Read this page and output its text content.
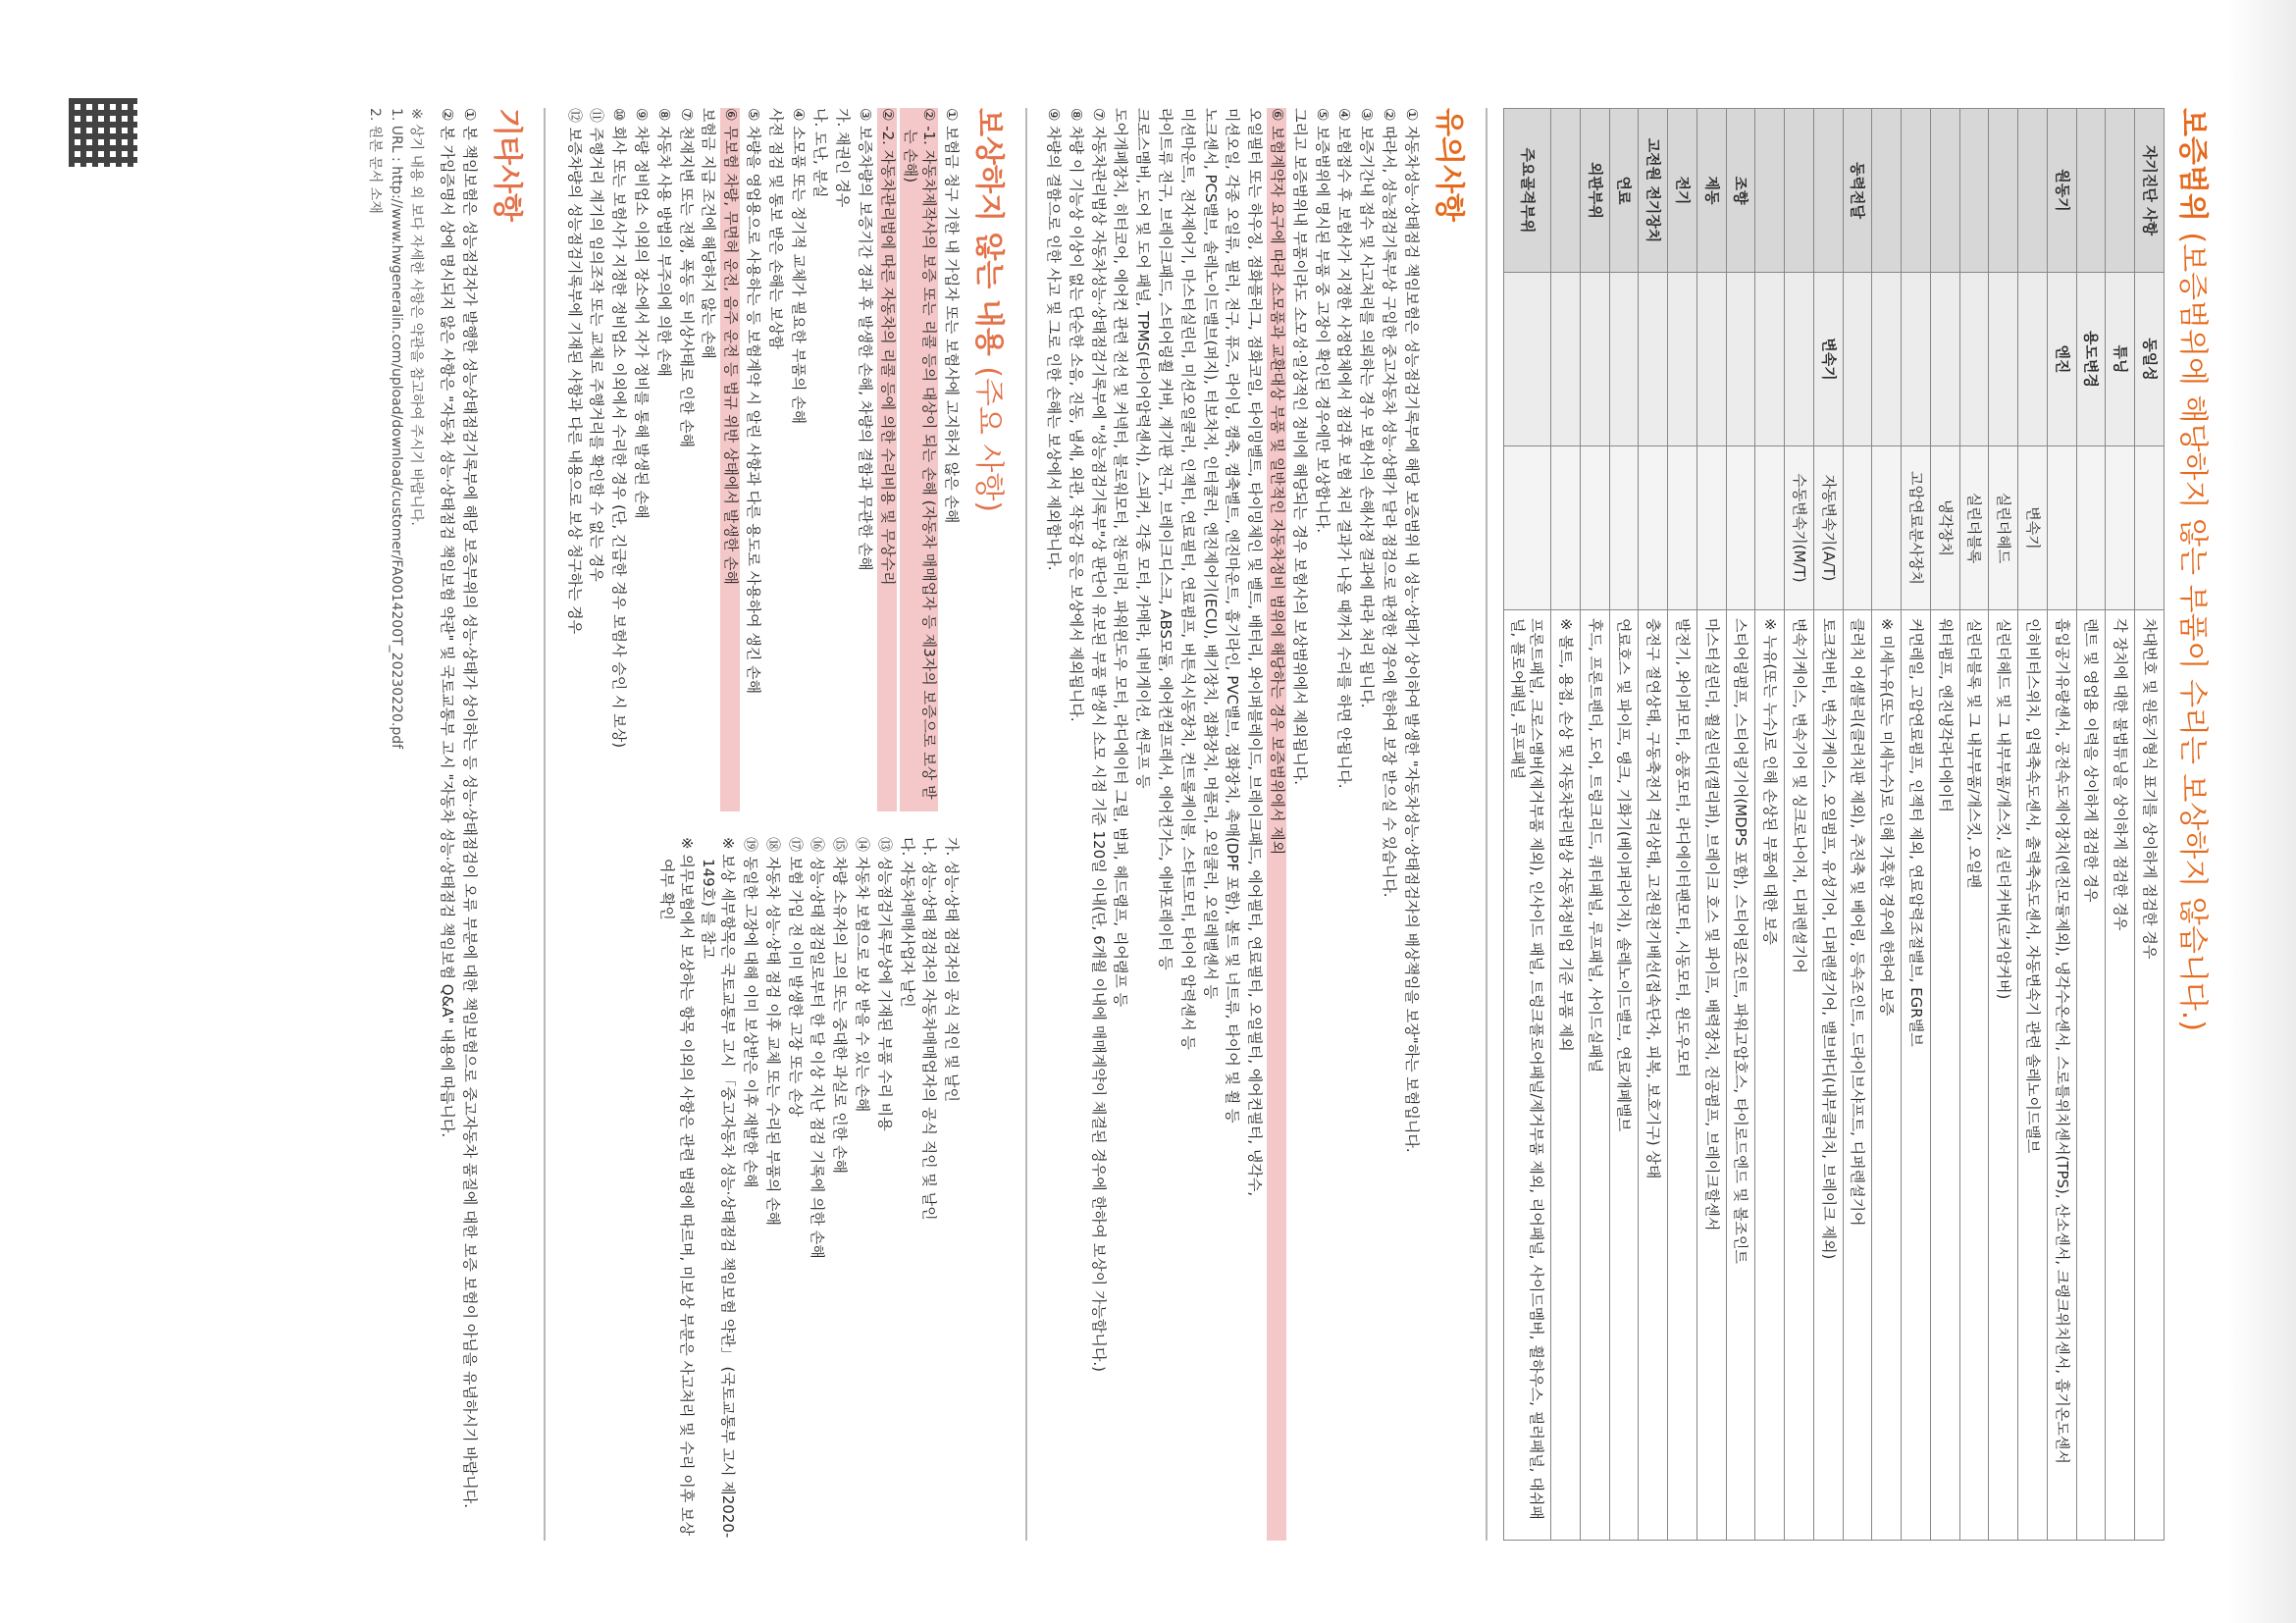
보증범위 (보증범위에 해당하지 않는 부품이 수리는 보상하지 않습니다.)
자기진단 사항	동일성		차대번호 및 원동기형식 표기를 상이하게 점검한 경우
	튜닝		각 장치에 대한 불법튜닝을 상이하게 점검한 경우
	용도변경		렌트 및 영업용 이력을 상이하게 점검한 경우
원동기	엔진		흡입공기유량센서, 공전속도제어장치(엔진모듈제외), 냉각수온센서, 스로틀위치센서(TPS), 산소센서, 크랭크위치센서, 흡기온도센서
		변속기	인히비터스위치, 입력축속도센서, 출력축속도센서, 자동변속기 관련 솔레노이드밸브
		실린더헤드	실린더헤드 및 그 내부부품/개스킷, 실린더커버(로커암커버)
		실린더블록	실린더블록 및 그 내부부품/개스킷, 오일팬
		냉각장치	워터펌프, 엔진냉각라디에이터
		고압연료분사장치	커먼레일, 고압연료펌프, 인젝터 제외, 연료압력조절밸브, EGR밸브
			※ 미세누유(또는 미세누수)로 인해 가혹한 경우에 한하여 보증
동력전달			클러치 어셈블리(클러치판 제외), 추진축 및 베어링, 등속조인트, 드라이브샤프트, 디퍼렌셜기어
	변속기	자동변속기(A/T)	토크컨버터, 변속기케이스, 오일펌프, 유성기어, 디퍼렌셜기어, 밸브바디(내부클러치, 브레이크 제외)
		수동변속기(M/T)	변속기케이스, 변속기어 및 싱크로나이저, 디퍼렌셜기어
			※ 누유(또는 누수)로 인해 손상된 부품에 대한 보증
조향			스티어링펌프, 스티어링기어(MDPS 포함), 스티어링조인트, 파워고압호스, 타이로드엔드 및 볼조인트
제동			마스터실린더, 휠실린더(캘리퍼), 브레이크 호스 및 파이프, 배력장치, 진공펌프, 브레이크할센서
전기			발전기, 와이퍼모터, 송풍모터, 라디에이터팬모터, 시동모터, 윈도우모터
고전원 전기장치			충전구 절연상태, 구동축전지 격리상태, 고전원전기배선(접속단자, 피복, 보호기구) 상태
연료			연료호스 및 파이프, 탱크, 기화기(베이퍼라이저), 솔레노이드밸브, 연료개폐밸브
외판부위			후드, 프론트펜더, 도어, 트렁크리드, 쿼터패널, 루프패널, 사이드실패널
			※ 볼트, 용접, 손상 및 자동차관리법상 자동차정비업 기준 부품 제외
주요골격부위			프론트패널, 크로스멤버(제거부품 제외), 인사이드 패널, 트렁크플로어패널/제거부품 제외, 리어패널, 사이드멤버, 휠하우스, 필러패널, 대쉬패널, 플로어패널, 루프패널
유의사항

① 자동차성능·상태점검 책임보험은 성능점검기록부에 해당 보증범위 내 성능·상태가 상이하여 발생한 "자동차성능·상태점검자의 배상책임을 보장"하는 보험입니다.

② 따라서, 성능점검기록부상 구입한 중고자동차 성능·상태가 달라 점검으로 판정한 경우에 한하여 보장 받으실 수 있습니다.

③ 보증기간내 접수 및 사고처리를 의뢰하는 경우 보험사의 손해사정 결과에 따라 처리 됩니다.

④ 보험접수 후 보험사가 지정한 사정업체에서 점검후 보험 처리 결과가 나올 때까지 수리를 하면 안됩니다.

⑤ 보증범위에 명시된 부품 중 고장이 확인된 경우에만 보상합니다.

그리고 보증범위내 부품이라도 소모성·일상적인 정비에 해당되는 경우 보험사의 보상범위에서 제외됩니다.

⑥ 보험계약자 요구에 따라 소모품과 교환대상 부품 및 일반적인 자동차정비 범위에 해당하는 경우 보증범위에서 제외

오일필터 또는 하우징, 점화플러그, 점화코일, 타이밍벨트, 타이밍체인 및 벨트, 배터리, 와이퍼블레이드, 브레이크패드, 에어필터, 연료필터, 오일필터, 에어컨필터, 냉각수,

미션오일, 각종 오일류, 필러, 전구, 퓨즈, 라이닝, 캠축, 캠축벨트, 엔진마운트, 흡기라인, PVC밸브, 점화장치, 촉매(DPF 포함), 볼트 및 너트류, 타이어 및 휠 등

노크센서, PCS밸브, 솔레노이드밸브(퍼지), 터보차저, 인터쿨러, 엔진제어기(ECU), 배기장치, 점화장치, 머플러, 오일쿨러, 오일레벨센서 등

미션마운트, 전자제어기, 마스터실린더, 미션오일쿨러, 인젝터, 연료필터, 연료펌프, 버튼식시동장치, 컨트롤케이블, 스타트모터, 타이어 압력센서 등

라이트류 전구, 브레이크패드, 스티어링휠 커버, 계기판 전구, 브레이크디스크, ABS모듈, 에어컨컴프레서, 에어컨가스, 에바포레이터 등

크로스멤버, 도어 및 도어 패널, TPMS(타이어압력센서), 스피커, 각종 모터, 카메라, 네비게이션, 썬루프 등

도어개폐장치, 히터코어, 에어컨 관련 전선 및 커넥터, 블로워모터, 전동미러, 파워윈도우 모터, 라디에이터 그릴, 범퍼, 헤드램프, 리어램프 등

⑦ 자동차관리법상 자동차성능·상태점검기록부에 "성능점검기록부"상 판단이 유보된 부품 발생시 소모 시점 기준 120일 이내(단, 6개월 이내에 매매계약이 체결된 경우에 한하여 보상이 가능합니다.)

⑧ 차량 이 기능상 이상이 없는 단순한 소음, 진동, 냄새, 외관, 작동감 등은 보상에서 제외됩니다.

⑨ 차량의 결함으로 인한 사고 및 그로 인한 손해는 보상에서 제외합니다.

보상하지 않는 내용 (주요 사항)

① 보험금 청구 기한 내 가입자 또는 보험사에 고지하지 않은 손해

② -1. 자동차제작사의 보증 또는 리콜 등의 대상이 되는 손해 (자동차 매매업자 등 제3자의 보증으로 보상 받는 손해)

② -2. 자동차관리법에 따른 자동차의 리콜 등에 의한 수리비용 및 무상수리

③ 보증차량의 보증기간 경과 후 발생한 손해, 차량의 결함과 무관한 손해

가. 채권인 경우

나. 도난, 분실

④ 소모품 또는 정기적 교체가 필요한 부품의 손해

사전 점검 및 통보 받은 손해는 보상함

⑤ 차량을 영업용으로 사용하는 등 보험계약 시 알린 사항과 다른 용도로 사용하여 생긴 손해

⑥ 무보험 차량, 무면허 운전, 음주 운전 등 법규 위반 상태에서 발생한 손해

보험금 지급 조건에 해당하지 않는 손해

⑦ 천재지변 또는 전쟁, 폭동 등 비상사태로 인한 손해

⑧ 자동차 사용 방법의 부주의에 의한 손해

⑨ 차량 정비업소 이외의 장소에서 자가 정비를 통해 발생된 손해

⑩ 회사 또는 보험사가 지정한 정비업소 이외에서 수리한 경우 (단, 긴급한 경우 보험사 승인 시 보상)

⑪ 주행거리 계기의 임의조작 또는 교체로 주행거리를 확인할 수 없는 경우

⑫ 보증차량의 성능점검기록부에 기재된 사항과 다른 내용으로 보상 청구하는 경우

가. 성능·상태 점검자의 공식 직인 및 날인

나. 성능·상태 점검자의 자동차매매업자의 공식 직인 및 날인

다. 자동차매매사업자 날인

⑬ 성능점검기록부상에 기재된 부품 수리 비용

⑭ 자동차 보험으로 보상 받을 수 있는 손해

⑮ 차량 소유자의 고의 또는 중대한 과실로 인한 손해

⑯ 성능·상태 점검일로부터 한 달 이상 지난 점검 기록에 의한 손해

⑰ 보험 가입 전 이미 발생한 고장 또는 손상

⑱ 자동차 성능·상태 점검 이후 교체 또는 수리된 부품의 손해

⑲ 동일한 고장에 대해 이미 보상받은 이후 재발한 손해

※ 보상 세부항목은 국토교통부 고시 「중고자동차 성능·상태점검 책임보험 약관」 (국토교통부 고시 제2020-149호) 를 참고

※ 의무보험에서 보상하는 항목 이외의 사항은 관련 법령에 따르며, 미보상 부분은 사고처리 및 수리 이후 보상 여부 확인

기타사항

① 본 책임보험은 성능점검자가 발행한 성능상태점검기록부에 해당 보증부위의 성능·상태가 상이하는 등 성능·상태점검이 오류 부분에 대한 책임보험으로 중고자동차 품질에 대한 보증 보험이 아님을 유념하시기 바랍니다.

② 본 가입증명서 상에 명시되지 않은 사항은 "자동차 성능·상태점검 책임보험 약관" 및 국토교통부 고시 "자동차 성능·상태점검 책임보험 Q&A" 내용에 따릅니다.

※ 상기 내용 외 보다 자세한 사항은 약관을 참고하여 주시기 바랍니다.

1. URL : http://www.hwgeneralin.com/upload/download/customer/FA0014200T_20230220.pdf

2. 원본 문서 소재
